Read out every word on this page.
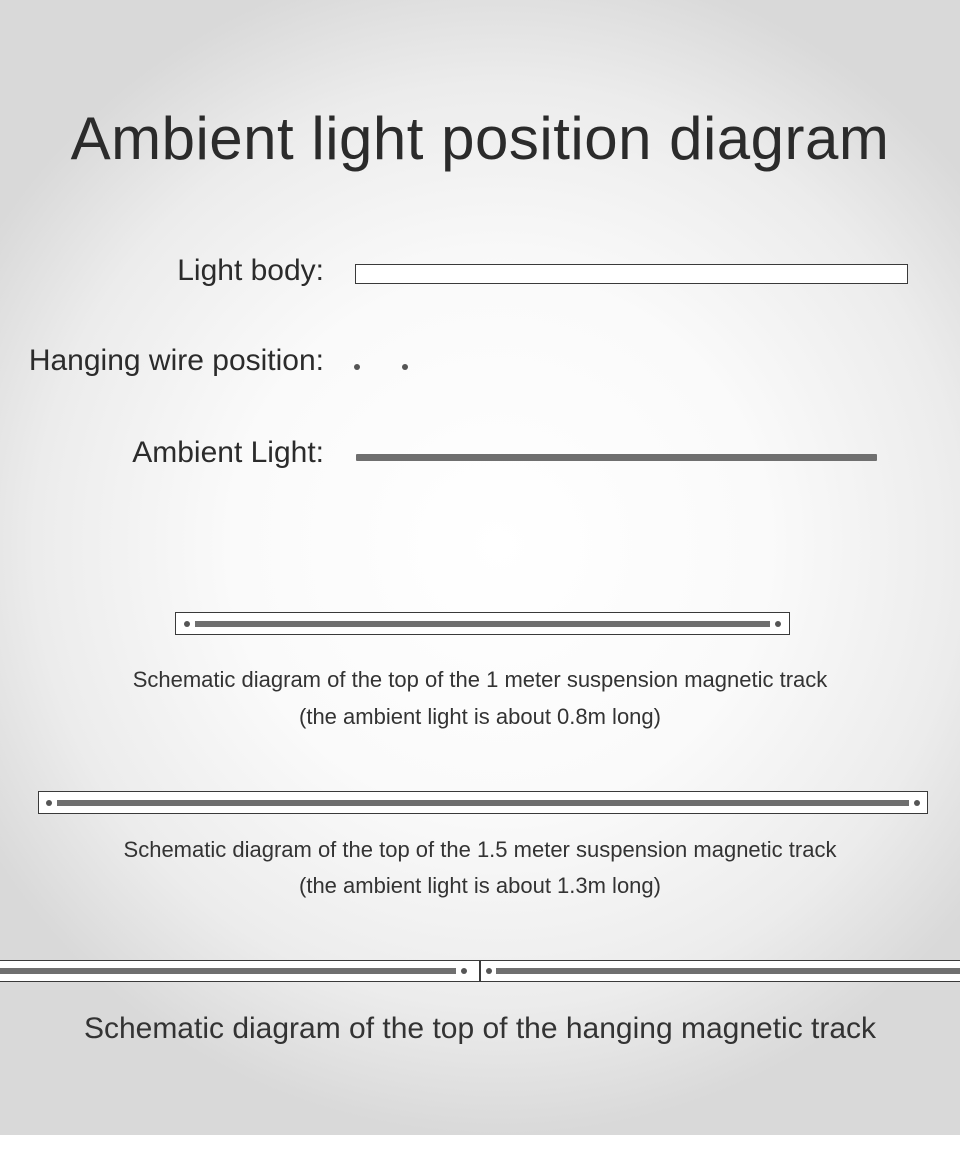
Ambient light position diagram
Light body:
Hanging wire position:
Ambient Light:
Schematic diagram of the top of the 1 meter suspension magnetic track
(the ambient light is about 0.8m long)
Schematic diagram of the top of the 1.5 meter suspension magnetic track
(the ambient light is about 1.3m long)
Schematic diagram of the top of the hanging magnetic track
